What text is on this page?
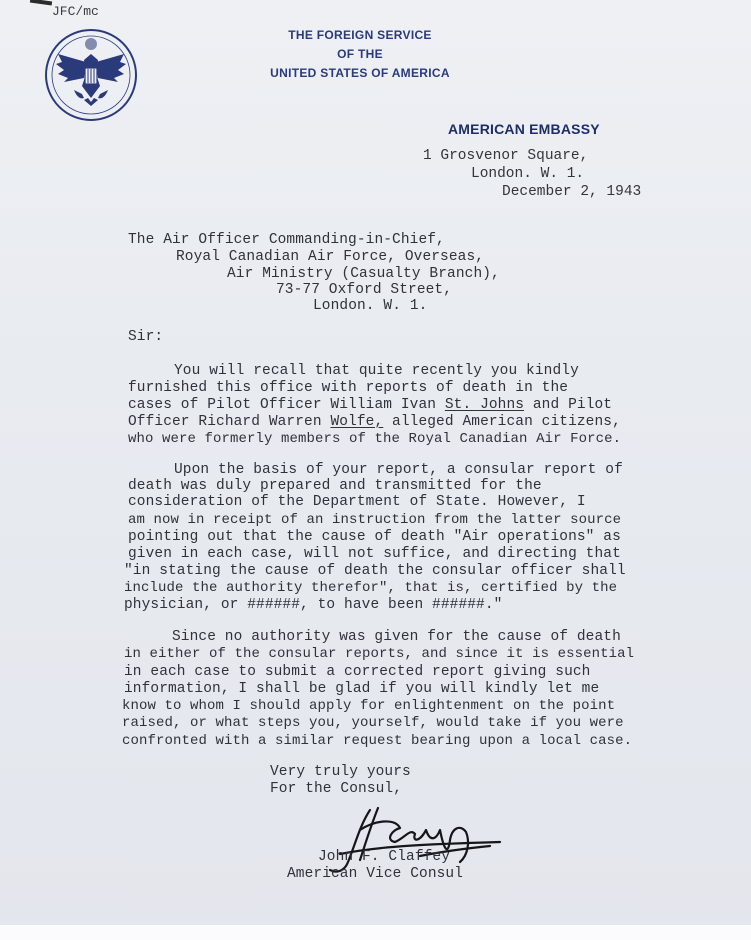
JFC/mc
THE FOREIGN SERVICE
OF THE
UNITED STATES OF AMERICA
AMERICAN EMBASSY
1 Grosvenor Square,
London. W. 1.
December 2, 1943
The Air Officer Commanding-in-Chief,
Royal Canadian Air Force, Overseas,
Air Ministry (Casualty Branch),
73-77 Oxford Street,
London. W. 1.
Sir:
You will recall that quite recently you kindly
furnished this office with reports of death in the
cases of Pilot Officer William Ivan St. Johns and Pilot
Officer Richard Warren Wolfe, alleged American citizens,
who were formerly members of the Royal Canadian Air Force.
Upon the basis of your report, a consular report of
death was duly prepared and transmitted for the
consideration of the Department of State. However, I
am now in receipt of an instruction from the latter source
pointing out that the cause of death "Air operations" as
given in each case, will not suffice, and directing that
"in stating the cause of death the consular officer shall
include the authority therefor", that is, certified by the
physician, or ######, to have been ######."
Since no authority was given for the cause of death
in either of the consular reports, and since it is essential
in each case to submit a corrected report giving such
information, I shall be glad if you will kindly let me
know to whom I should apply for enlightenment on the point
raised, or what steps you, yourself, would take if you were
confronted with a similar request bearing upon a local case.
Very truly yours
For the Consul,
John F. Claffey
American Vice Consul
